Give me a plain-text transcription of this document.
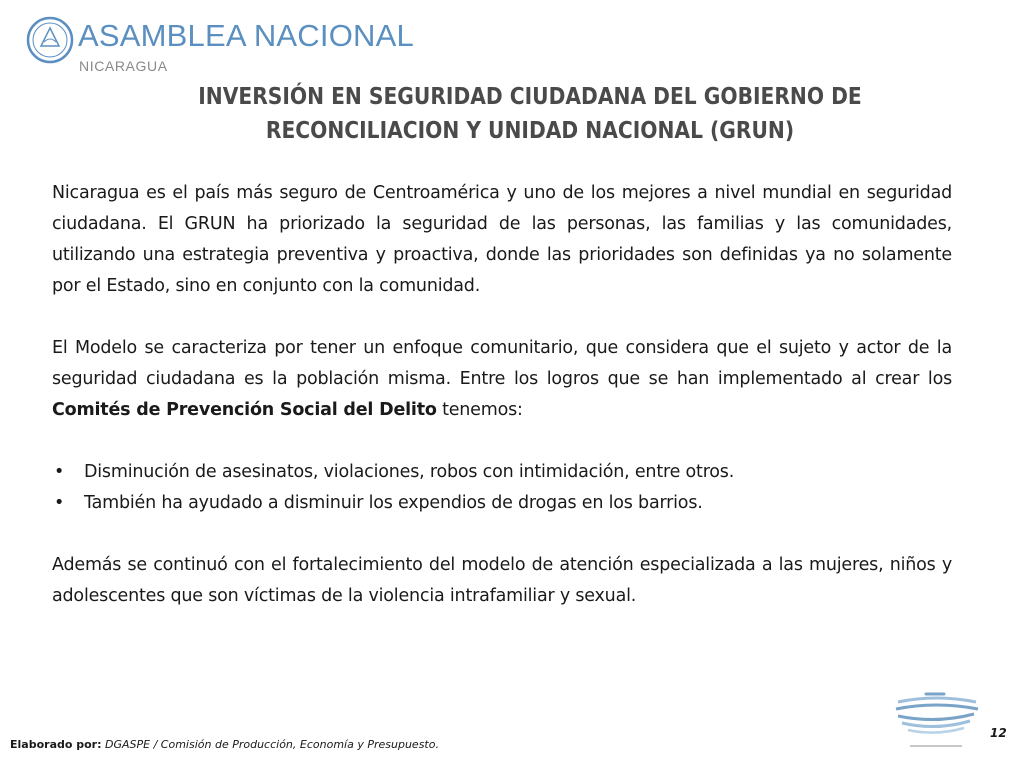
ASAMBLEA NACIONAL
NICARAGUA
INVERSIÓN EN SEGURIDAD CIUDADANA DEL GOBIERNO DE
RECONCILIACION Y UNIDAD NACIONAL (GRUN)

Nicaragua es el país más seguro de Centroamérica y uno de los mejores a nivel mundial en seguridad ciudadana. El GRUN ha priorizado la seguridad de las personas, las familias y las comunidades, utilizando una estrategia preventiva y proactiva, donde las prioridades son definidas ya no solamente por el Estado, sino en conjunto con la comunidad.

El Modelo se caracteriza por tener un enfoque comunitario, que considera que el sujeto y actor de la seguridad ciudadana es la población misma. Entre los logros que se han implementado al crear los Comités de Prevención Social del Delito tenemos:

• Disminución de asesinatos, violaciones, robos con intimidación, entre otros.
• También ha ayudado a disminuir los expendios de drogas en los barrios.

Además se continuó con el fortalecimiento del modelo de atención especializada a las mujeres, niños y adolescentes que son víctimas de la violencia intrafamiliar y sexual.

Elaborado por: DGASPE / Comisión de Producción, Economía y Presupuesto.
12
